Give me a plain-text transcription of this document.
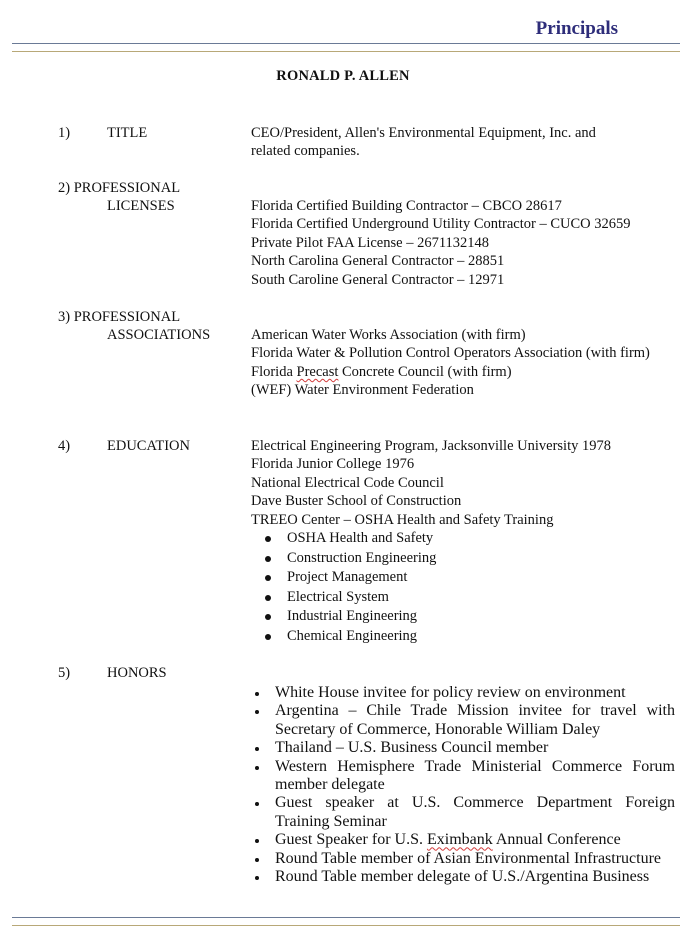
Principals
RONALD P. ALLEN
1)	TITLE	CEO/President, Allen's Environmental Equipment, Inc. and
related companies.
2) PROFESSIONAL
LICENSES	Florida Certified Building Contractor – CBCO 28617
Florida Certified Underground Utility Contractor – CUCO 32659
Private Pilot FAA License – 2671132148
North Carolina General Contractor – 28851
South Caroline General Contractor – 12971
3) PROFESSIONAL
ASSOCIATIONS	American Water Works Association (with firm)
Florida Water & Pollution Control Operators Association (with firm)
Florida Precast Concrete Council (with firm)
(WEF) Water Environment Federation
4)	EDUCATION	Electrical Engineering Program, Jacksonville University 1978
Florida Junior College 1976
National Electrical Code Council
Dave Buster School of Construction
TREEO Center – OSHA Health and Safety Training
OSHA Health and Safety
Construction Engineering
Project Management
Electrical System
Industrial Engineering
Chemical Engineering
5)	HONORS
White House invitee for policy review on environment
Argentina – Chile Trade Mission invitee for travel with Secretary of Commerce, Honorable William Daley
Thailand – U.S. Business Council member
Western Hemisphere Trade Ministerial Commerce Forum member delegate
Guest speaker at U.S. Commerce Department Foreign Training Seminar
Guest Speaker for U.S. Eximbank Annual Conference
Round Table member of Asian Environmental Infrastructure
Round Table member delegate of U.S./Argentina Business
